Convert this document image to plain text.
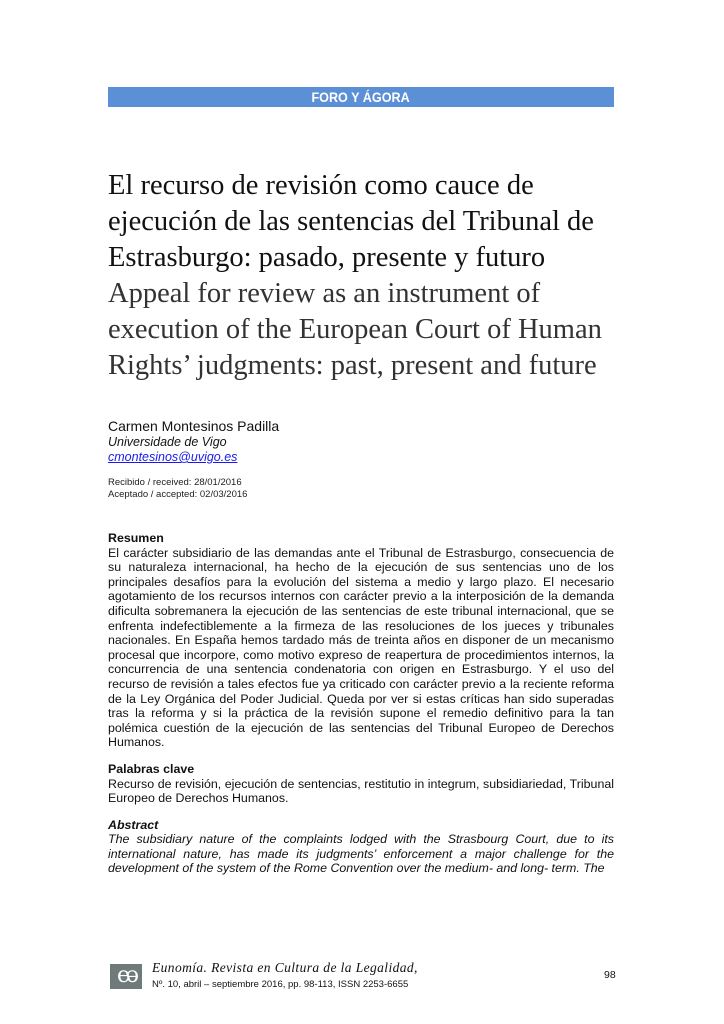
FORO Y ÁGORA
El recurso de revisión como cauce de ejecución de las sentencias del Tribunal de Estrasburgo: pasado, presente y futuro
Appeal for review as an instrument of execution of the European Court of Human Rights’ judgments: past, present and future
Carmen Montesinos Padilla
Universidade de Vigo
cmontesinos@uvigo.es
Recibido / received: 28/01/2016
Aceptado / accepted: 02/03/2016
Resumen

El carácter subsidiario de las demandas ante el Tribunal de Estrasburgo, consecuencia de su naturaleza internacional, ha hecho de la ejecución de sus sentencias uno de los principales desafíos para la evolución del sistema a medio y largo plazo. El necesario agotamiento de los recursos internos con carácter previo a la interposición de la demanda dificulta sobremanera la ejecución de las sentencias de este tribunal internacional, que se enfrenta indefectiblemente a la firmeza de las resoluciones de los jueces y tribunales nacionales. En España hemos tardado más de treinta años en disponer de un mecanismo procesal que incorpore, como motivo expreso de reapertura de procedimientos internos, la concurrencia de una sentencia condenatoria con origen en Estrasburgo. Y el uso del recurso de revisión a tales efectos fue ya criticado con carácter previo a la reciente reforma de la Ley Orgánica del Poder Judicial. Queda por ver si estas críticas han sido superadas tras la reforma y si la práctica de la revisión supone el remedio definitivo para la tan polémica cuestión de la ejecución de las sentencias del Tribunal Europeo de Derechos Humanos.

Palabras clave

Recurso de revisión, ejecución de sentencias, restitutio in integrum, subsidiariedad, Tribunal Europeo de Derechos Humanos.

Abstract

The subsidiary nature of the complaints lodged with the Strasbourg Court, due to its international nature, has made its judgments’ enforcement a major challenge for the development of the system of the Rome Convention over the medium- and long- term. The

eə	Eunomía. Revista en Cultura de la Legalidad,
Nº. 10, abril – septiembre 2016, pp. 98-113, ISSN 2253-6655
98
